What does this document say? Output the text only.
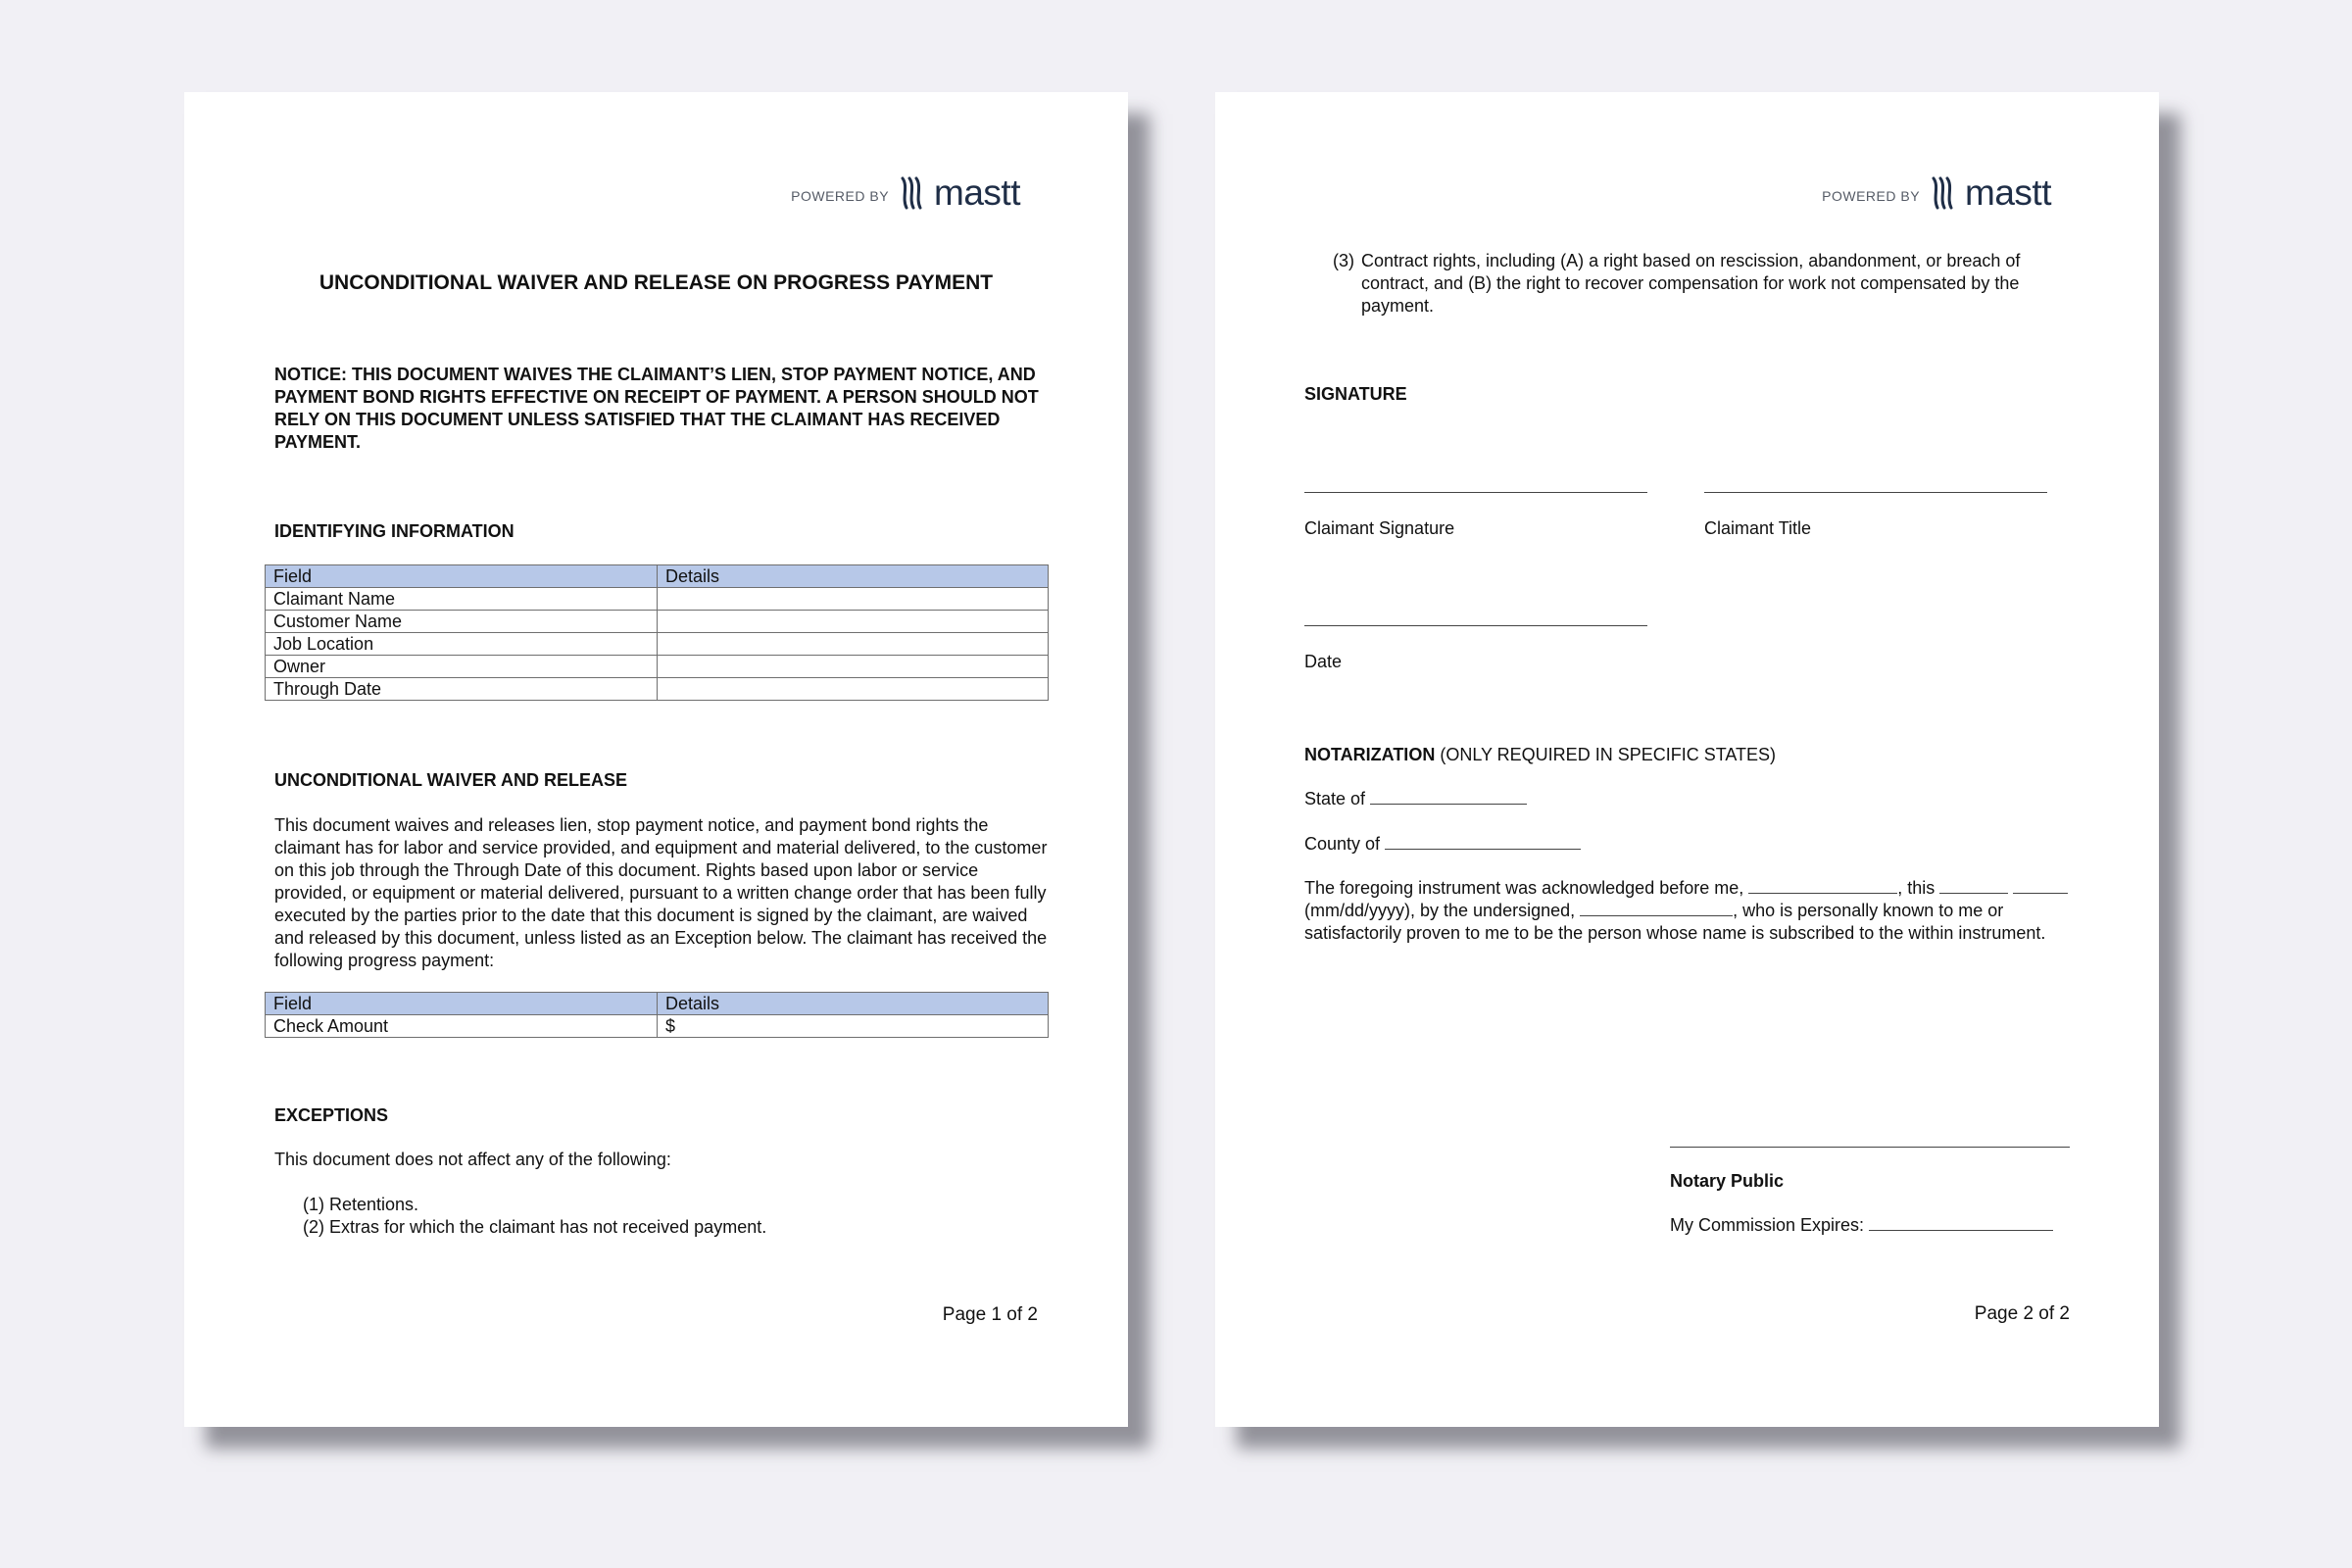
POWERED BY mastt
UNCONDITIONAL WAIVER AND RELEASE ON PROGRESS PAYMENT
NOTICE: THIS DOCUMENT WAIVES THE CLAIMANT’S LIEN, STOP PAYMENT NOTICE, AND PAYMENT BOND RIGHTS EFFECTIVE ON RECEIPT OF PAYMENT. A PERSON SHOULD NOT RELY ON THIS DOCUMENT UNLESS SATISFIED THAT THE CLAIMANT HAS RECEIVED PAYMENT.
IDENTIFYING INFORMATION
Field	Details
Claimant Name	
Customer Name	
Job Location	
Owner	
Through Date	
UNCONDITIONAL WAIVER AND RELEASE
This document waives and releases lien, stop payment notice, and payment bond rights the claimant has for labor and service provided, and equipment and material delivered, to the customer on this job through the Through Date of this document. Rights based upon labor or service provided, or equipment or material delivered, pursuant to a written change order that has been fully executed by the parties prior to the date that this document is signed by the claimant, are waived and released by this document, unless listed as an Exception below. The claimant has received the following progress payment:
Field	Details
Check Amount	$
EXCEPTIONS
This document does not affect any of the following:
(1) Retentions.
(2) Extras for which the claimant has not received payment.
Page 1 of 2
POWERED BY mastt
(3) Contract rights, including (A) a right based on rescission, abandonment, or breach of contract, and (B) the right to recover compensation for work not compensated by the payment.
SIGNATURE
Claimant Signature	Claimant Title
Date
NOTARIZATION (ONLY REQUIRED IN SPECIFIC STATES)
State of
County of
The foregoing instrument was acknowledged before me,	, this   (mm/dd/yyyy), by the undersigned,	, who is personally known to me or satisfactorily proven to me to be the person whose name is subscribed to the within instrument.
Notary Public
My Commission Expires:
Page 2 of 2
